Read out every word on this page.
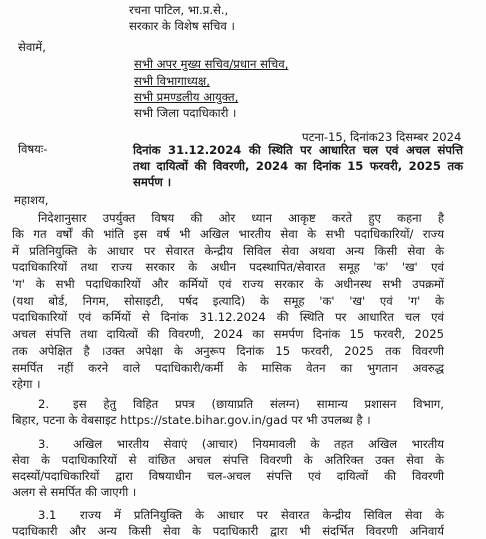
रचना पाटिल, भा.प्र.से.,
सरकार के विशेष सचिव ।
सेवामें,
सभी अपर मुख्य सचिव/प्रधान सचिव,
सभी विभागाध्यक्ष,
सभी प्रमण्डलीय आयुक्त,
सभी जिला पदाधिकारी ।
पटना-15, दिनांक23 दिसम्बर 2024
विषयः-	दिनांक 31.12.2024 की स्थिति पर आधारित चल एवं अचल संपत्ति
तथा दायित्वों की विवरणी, 2024 का दिनांक 15 फरवरी, 2025 तक
समर्पण ।
महाशय,
निदेशानुसार उपर्युक्त विषय की ओर ध्यान आकृष्ट करते हुए कहना है
कि गत वर्षों की भांति इस वर्ष भी अखिल भारतीय सेवा के सभी पदाधिकारियों/ राज्य
में प्रतिनियुक्ति के आधार पर सेवारत केन्द्रीय सिविल सेवा अथवा अन्य किसी सेवा के
पदाधिकारियों तथा राज्य सरकार के अधीन पदस्थापित/सेवारत समूह 'क' 'ख' एवं
'ग' के सभी पदाधिकारियों और कर्मियों एवं राज्य सरकार के अधीनस्थ सभी उपक्रमों
(यथा बोर्ड, निगम, सोसाइटी, पर्षद इत्यादि) के समूह 'क' 'ख' एवं 'ग' के
पदाधिकारियों एवं कर्मियों से दिनांक 31.12.2024 की स्थिति पर आधारित चल एवं
अचल संपत्ति तथा दायित्वों की विवरणी, 2024 का समर्पण दिनांक 15 फरवरी, 2025
तक अपेक्षित है ।उक्त अपेक्षा के अनुरूप दिनांक 15 फरवरी, 2025 तक विवरणी
समर्पित नहीं करने वाले पदाधिकारी/कर्मी के मासिक वेतन का भुगतान अवरुद्ध
रहेगा ।
2. इस हेतु विहित प्रपत्र (छायाप्रति संलग्न) सामान्य प्रशासन विभाग,
बिहार, पटना के वेबसाइट https://state.bihar.gov.in/gad पर भी उपलब्ध है ।
3. अखिल भारतीय सेवाएं (आचार) नियमावली के तहत अखिल भारतीय
सेवा के पदाधिकारियों से वांछित अचल संपत्ति विवरणी के अतिरिक्त उक्त सेवा के
सदस्यों/पदाधिकारियों द्वारा विषयाधीन चल-अचल संपत्ति एवं दायित्वों की विवरणी
अलग से समर्पित की जाएगी ।
3.1 राज्य में प्रतिनियुक्ति के आधार पर सेवारत केन्द्रीय सिविल सेवा के
पदाधिकारी और अन्य किसी सेवा के पदाधिकारी द्वारा भी संदर्भित विवरणी अनिवार्य
